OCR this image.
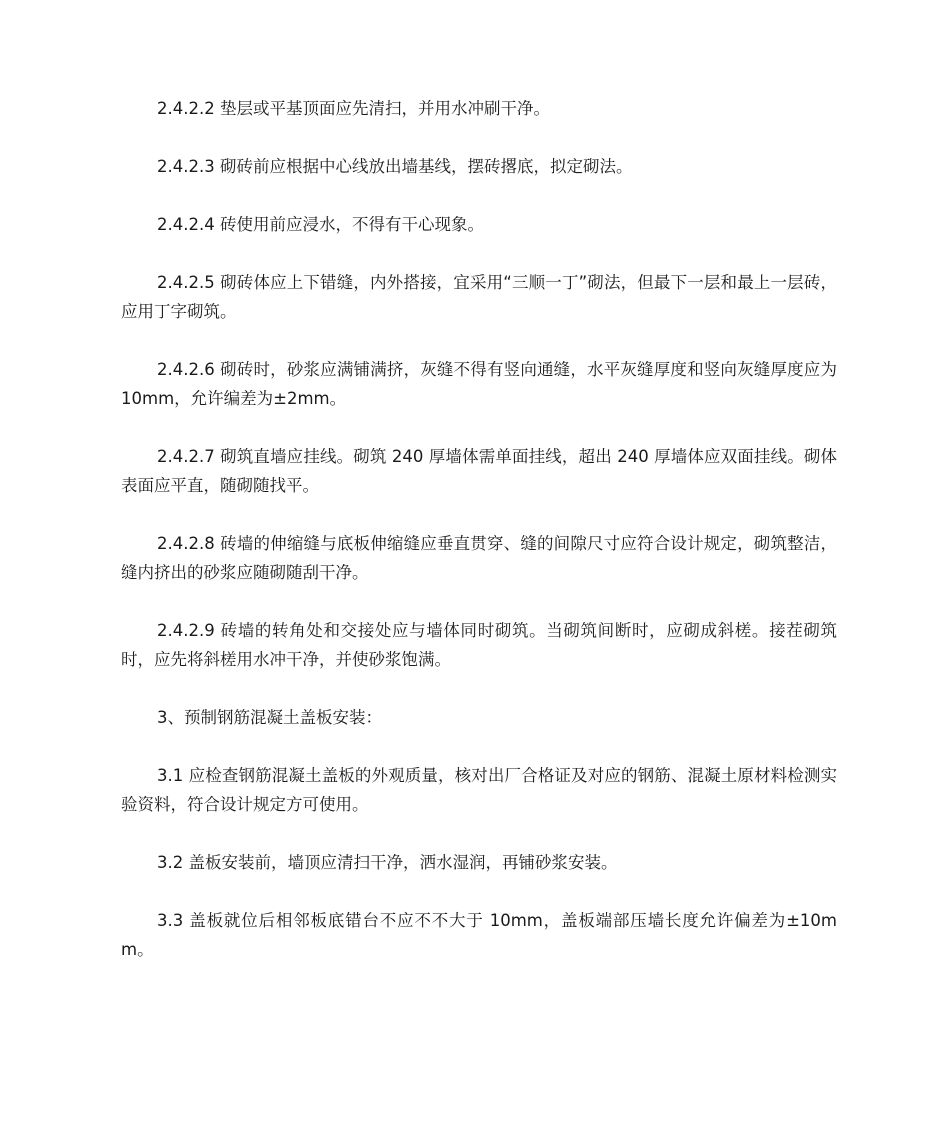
2.4.2.2 垫层或平基顶面应先清扫，并用水冲刷干净。

2.4.2.3 砌砖前应根据中心线放出墙基线，摆砖撂底，拟定砌法。

2.4.2.4 砖使用前应浸水，不得有干心现象。

2.4.2.5 砌砖体应上下错缝，内外搭接，宜采用“三顺一丁”砌法，但最下一层和最上一层砖，应用丁字砌筑。

2.4.2.6 砌砖时，砂浆应满铺满挤，灰缝不得有竖向通缝，水平灰缝厚度和竖向灰缝厚度应为 10mm，允许编差为±2mm。

2.4.2.7 砌筑直墙应挂线。砌筑 240 厚墙体需单面挂线，超出 240 厚墙体应双面挂线。砌体表面应平直，随砌随找平。

2.4.2.8 砖墙的伸缩缝与底板伸缩缝应垂直贯穿、缝的间隙尺寸应符合设计规定，砌筑整洁，缝内挤出的砂浆应随砌随刮干净。

2.4.2.9 砖墙的转角处和交接处应与墙体同时砌筑。当砌筑间断时，应砌成斜槎。接茬砌筑时，应先将斜槎用水冲干净，并使砂浆饱满。

3、预制钢筋混凝土盖板安装：

3.1 应检查钢筋混凝土盖板的外观质量，核对出厂合格证及对应的钢筋、混凝土原材料检测实验资料，符合设计规定方可使用。

3.2 盖板安装前，墙顶应清扫干净，洒水湿润，再铺砂浆安装。

3.3 盖板就位后相邻板底错台不应不不大于 10mm，盖板端部压墙长度允许偏差为±10mm。
